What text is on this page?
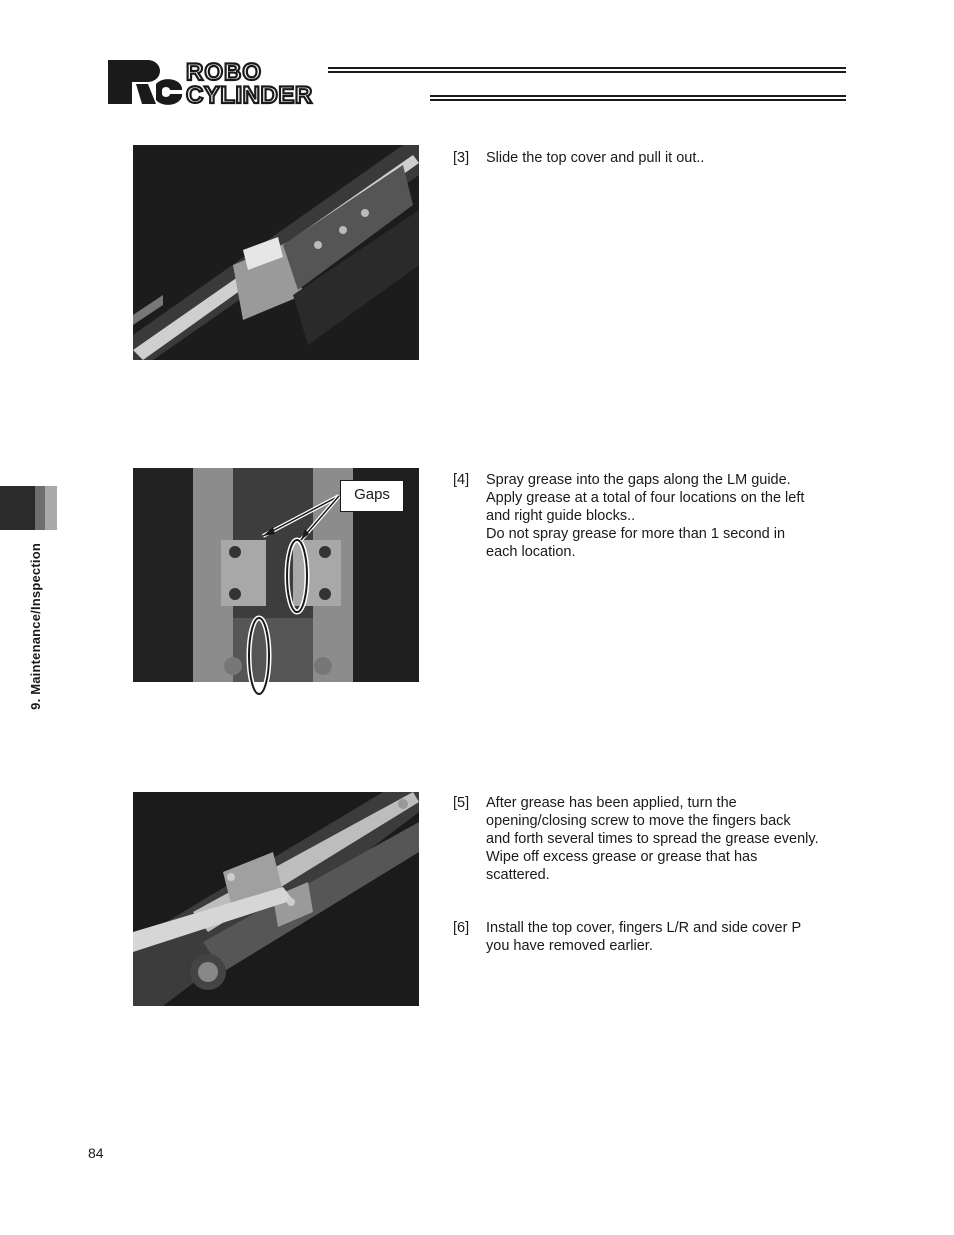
ROBO
CYLINDER
9. Maintenance/Inspection
[3] Slide the top cover and pull it out..
Gaps
[4] Spray grease into the gaps along the LM guide.
Apply grease at a total of four locations on the left
and right guide blocks..
Do not spray grease for more than 1 second in
each location.
[5] After grease has been applied, turn the
opening/closing screw to move the fingers back
and forth several times to spread the grease evenly.
Wipe off excess grease or grease that has
scattered.
[6] Install the top cover, fingers L/R and side cover P
you have removed earlier.
84
